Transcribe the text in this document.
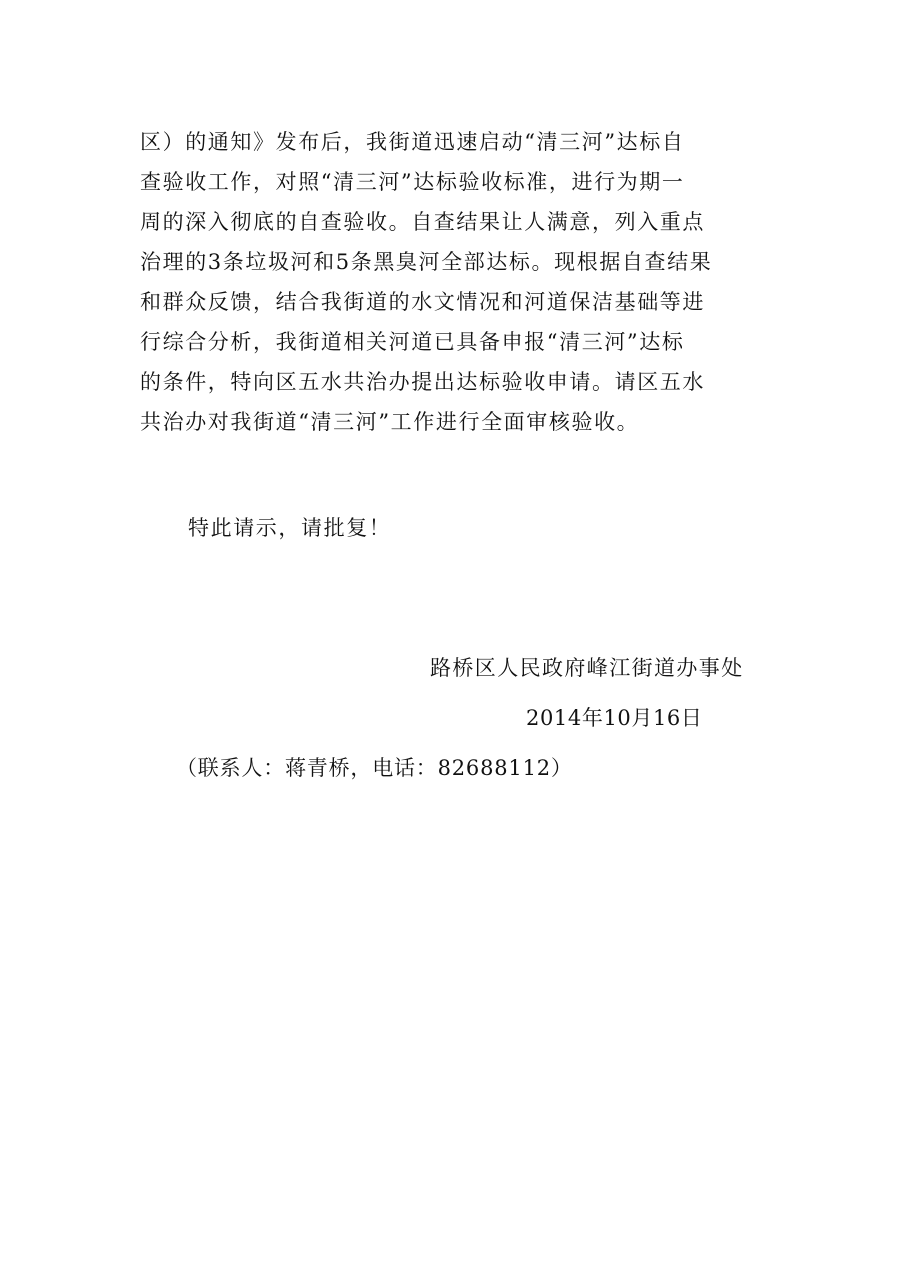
区）的通知》发布后，我街道迅速启动“清三河”达标自
查验收工作，对照“清三河”达标验收标准，进行为期一
周的深入彻底的自查验收。自查结果让人满意，列入重点
治理的3条垃圾河和5条黑臭河全部达标。现根据自查结果
和群众反馈，结合我街道的水文情况和河道保洁基础等进
行综合分析，我街道相关河道已具备申报“清三河”达标
的条件，特向区五水共治办提出达标验收申请。请区五水
共治办对我街道“清三河”工作进行全面审核验收。
特此请示，请批复！
路桥区人民政府峰江街道办事处
2014年10月16日
（联系人：蒋青桥，电话：82688112）
